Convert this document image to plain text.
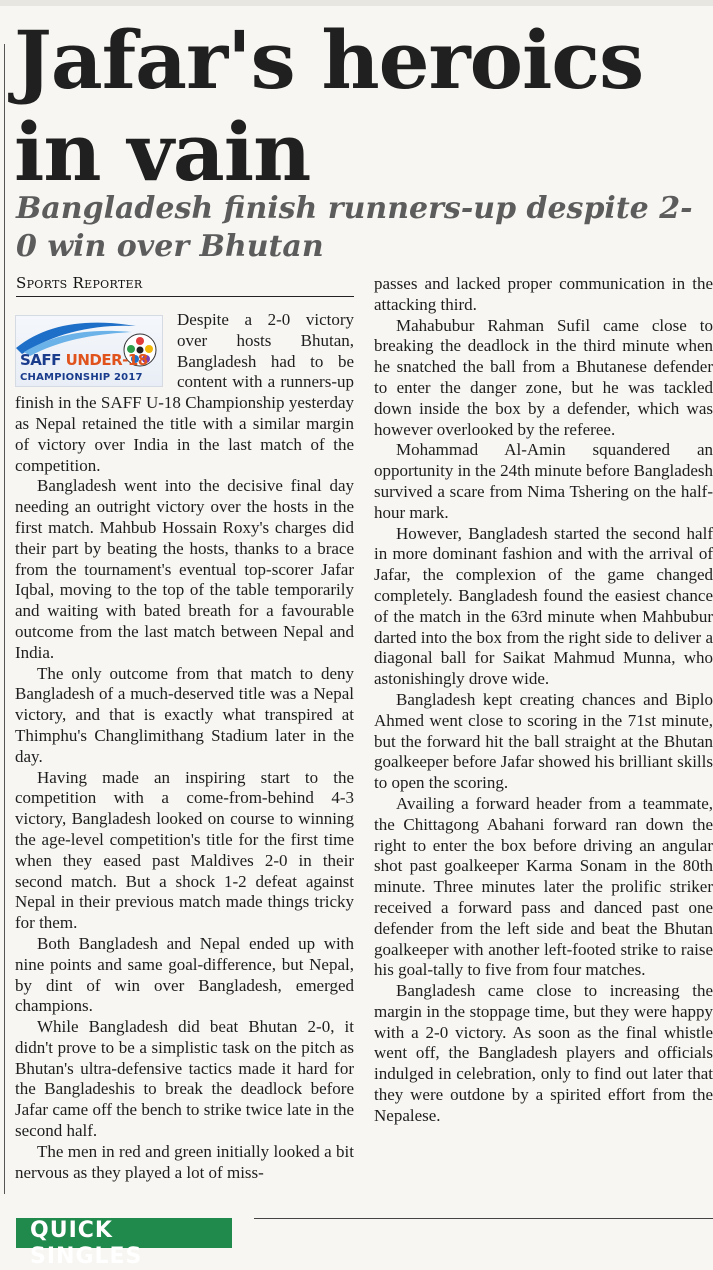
Jafar's heroics in vain
Bangladesh finish runners-up despite 2-0 win over Bhutan
Sports Reporter
SAFF UNDER-18
CHAMPIONSHIP 2017

Despite a 2-0 victory over hosts Bhutan, Bangladesh had to be content with a runners-up finish in the SAFF U-18 Championship yesterday as Nepal retained the title with a similar margin of victory over India in the last match of the competition.

Bangladesh went into the decisive final day needing an outright victory over the hosts in the first match. Mahbub Hossain Roxy's charges did their part by beating the hosts, thanks to a brace from the tournament's eventual top-scorer Jafar Iqbal, moving to the top of the table temporarily and waiting with bated breath for a favourable outcome from the last match between Nepal and India.

The only outcome from that match to deny Bangladesh of a much-deserved title was a Nepal victory, and that is exactly what transpired at Thimphu's Changlimithang Stadium later in the day.

Having made an inspiring start to the competition with a come-from-behind 4-3 victory, Bangladesh looked on course to winning the age-level competition's title for the first time when they eased past Maldives 2-0 in their second match. But a shock 1-2 defeat against Nepal in their previous match made things tricky for them.

Both Bangladesh and Nepal ended up with nine points and same goal-difference, but Nepal, by dint of win over Bangladesh, emerged champions.

While Bangladesh did beat Bhutan 2-0, it didn't prove to be a simplistic task on the pitch as Bhutan's ultra-defensive tactics made it hard for the Bangladeshis to break the deadlock before Jafar came off the bench to strike twice late in the second half.

The men in red and green initially looked a bit nervous as they played a lot of miss-

passes and lacked proper communication in the attacking third.

Mahabubur Rahman Sufil came close to breaking the deadlock in the third minute when he snatched the ball from a Bhutanese defender to enter the danger zone, but he was tackled down inside the box by a defender, which was however overlooked by the referee.

Mohammad Al-Amin squandered an opportunity in the 24th minute before Bangladesh survived a scare from Nima Tshering on the half-hour mark.

However, Bangladesh started the second half in more dominant fashion and with the arrival of Jafar, the complexion of the game changed completely. Bangladesh found the easiest chance of the match in the 63rd minute when Mahbubur darted into the box from the right side to deliver a diagonal ball for Saikat Mahmud Munna, who astonishingly drove wide.

Bangladesh kept creating chances and Biplo Ahmed went close to scoring in the 71st minute, but the forward hit the ball straight at the Bhutan goalkeeper before Jafar showed his brilliant skills to open the scoring.

Availing a forward header from a teammate, the Chittagong Abahani forward ran down the right to enter the box before driving an angular shot past goalkeeper Karma Sonam in the 80th minute. Three minutes later the prolific striker received a forward pass and danced past one defender from the left side and beat the Bhutan goalkeeper with another left-footed strike to raise his goal-tally to five from four matches.

Bangladesh came close to increasing the margin in the stoppage time, but they were happy with a 2-0 victory. As soon as the final whistle went off, the Bangladesh players and officials indulged in celebration, only to find out later that they were outdone by a spirited effort from the Nepalese.

QUICK SINGLES
